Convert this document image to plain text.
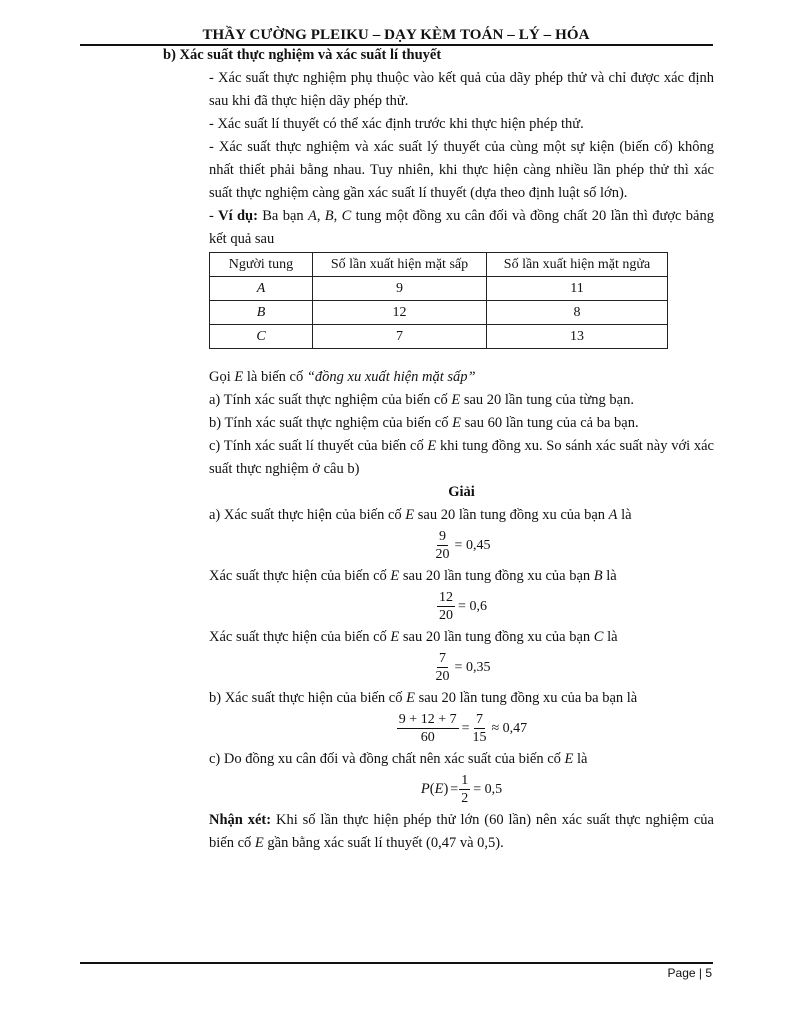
THẦY CƯỜNG PLEIKU – DẠY KÈM TOÁN – LÝ – HÓA
b) Xác suất thực nghiệm và xác suất lí thuyết

- Xác suất thực nghiệm phụ thuộc vào kết quả của dãy phép thử và chỉ được xác định sau khi đã thực hiện dãy phép thử.

- Xác suất lí thuyết có thể xác định trước khi thực hiện phép thử.

- Xác suất thực nghiệm và xác suất lý thuyết của cùng một sự kiện (biến cố) không nhất thiết phải bằng nhau. Tuy nhiên, khi thực hiện càng nhiều lần phép thử thì xác suất thực nghiệm càng gần xác suất lí thuyết (dựa theo định luật số lớn).

- Ví dụ: Ba bạn A, B, C tung một đồng xu cân đối và đồng chất 20 lần thì được bảng kết quả sau

Người tung	Số lần xuất hiện mặt sấp	Số lần xuất hiện mặt ngửa
A	9	11
B	12	8
C	7	13

Gọi E là biến cố “đồng xu xuất hiện mặt sấp”

a) Tính xác suất thực nghiệm của biến cố E sau 20 lần tung của từng bạn.

b) Tính xác suất thực nghiệm của biến cố E sau 60 lần tung của cả ba bạn.

c) Tính xác suất lí thuyết của biến cố E khi tung đồng xu. So sánh xác suất này với xác suất thực nghiệm ở câu b)

Giải

a) Xác suất thực hiện của biến cố E sau 20 lần tung đồng xu của bạn A là

$\frac{9}{20} = 0,45$

Xác suất thực hiện của biến cố E sau 20 lần tung đồng xu của bạn B là

$\frac{12}{20} = 0,6$

Xác suất thực hiện của biến cố E sau 20 lần tung đồng xu của bạn C là

$\frac{7}{20} = 0,35$

b) Xác suất thực hiện của biến cố E sau 20 lần tung đồng xu của ba bạn là

$\frac{9 + 12 + 7}{60} = \frac{7}{15} \approx 0,47$

c) Do đồng xu cân đối và đồng chất nên xác suất của biến cố E là

P ( E ) = $\frac{1}{2} = 0,5$

Nhận xét: Khi số lần thực hiện phép thử lớn (60 lần) nên xác suất thực nghiệm của biến cố E gần bằng xác suất lí thuyết (0,47 và 0,5).

Page | 5
